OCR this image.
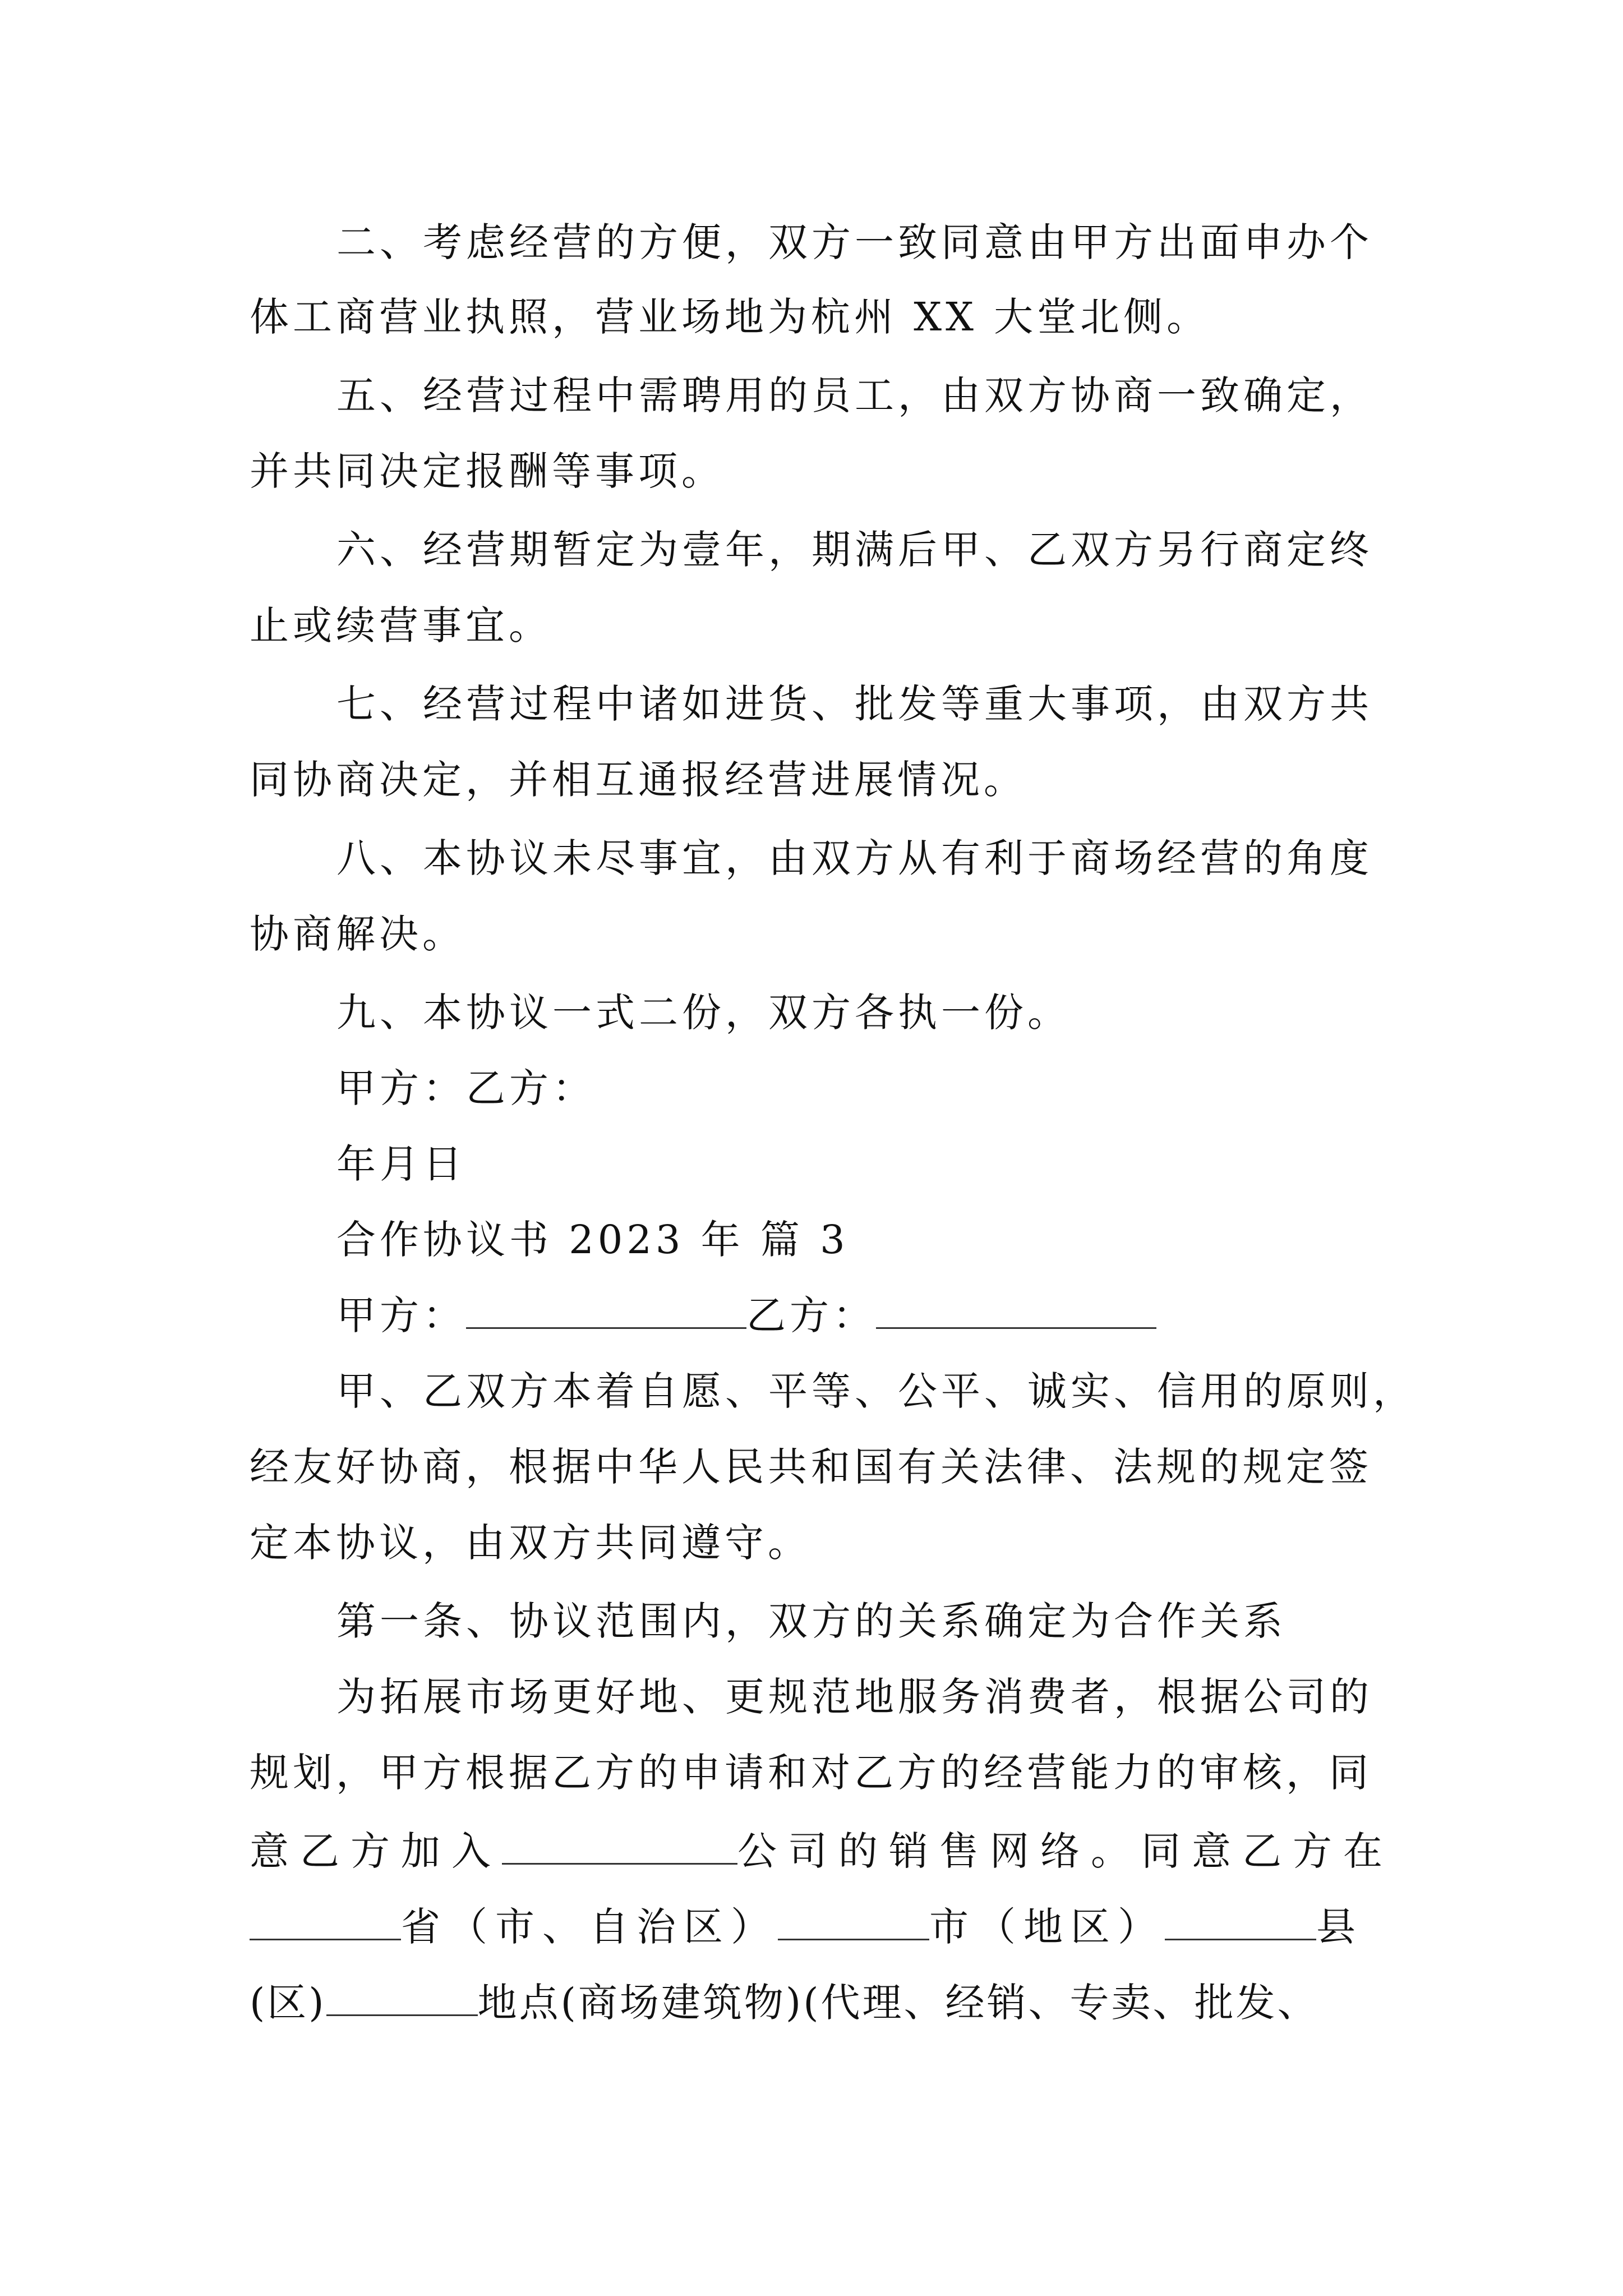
二、考虑经营的方便，双方一致同意由甲方出面申办个
体工商营业执照，营业场地为杭州 XX 大堂北侧。
五、经营过程中需聘用的员工，由双方协商一致确定，
并共同决定报酬等事项。
六、经营期暂定为壹年，期满后甲、乙双方另行商定终
止或续营事宜。
七、经营过程中诸如进货、批发等重大事项，由双方共
同协商决定，并相互通报经营进展情况。
八、本协议未尽事宜，由双方从有利于商场经营的角度
协商解决。
九、本协议一式二份，双方各执一份。
甲方：乙方：
年月日
合作协议书 2023 年 篇 3
甲方：	乙方：
甲、乙双方本着自愿、平等、公平、诚实、信用的原则，
经友好协商，根据中华人民共和国有关法律、法规的规定签
定本协议，由双方共同遵守。
第一条、协议范围内，双方的关系确定为合作关系
为拓展市场更好地、更规范地服务消费者，根据公司的
规划，甲方根据乙方的申请和对乙方的经营能力的审核，同
意乙方加入	公司的销售网络。同意乙方在
省（市、自治区）	市（地区）	县
(区)	地点(商场建筑物)(代理、经销、专卖、批发、
